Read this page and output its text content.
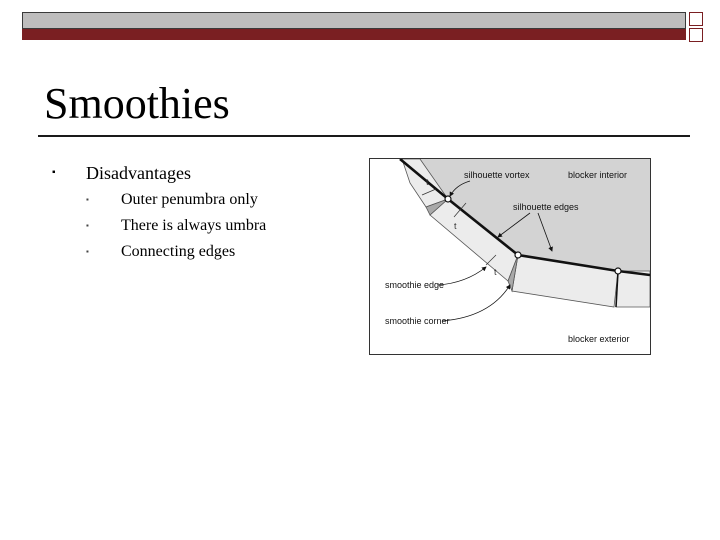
Smoothies
▪ Disadvantages
▪ Outer penumbra only
▪ There is always umbra
▪ Connecting edges
t
t
t
silhouette vortex	blocker interior
silhouette edges
smoothie edge
smoothie corner
blocker exterior
